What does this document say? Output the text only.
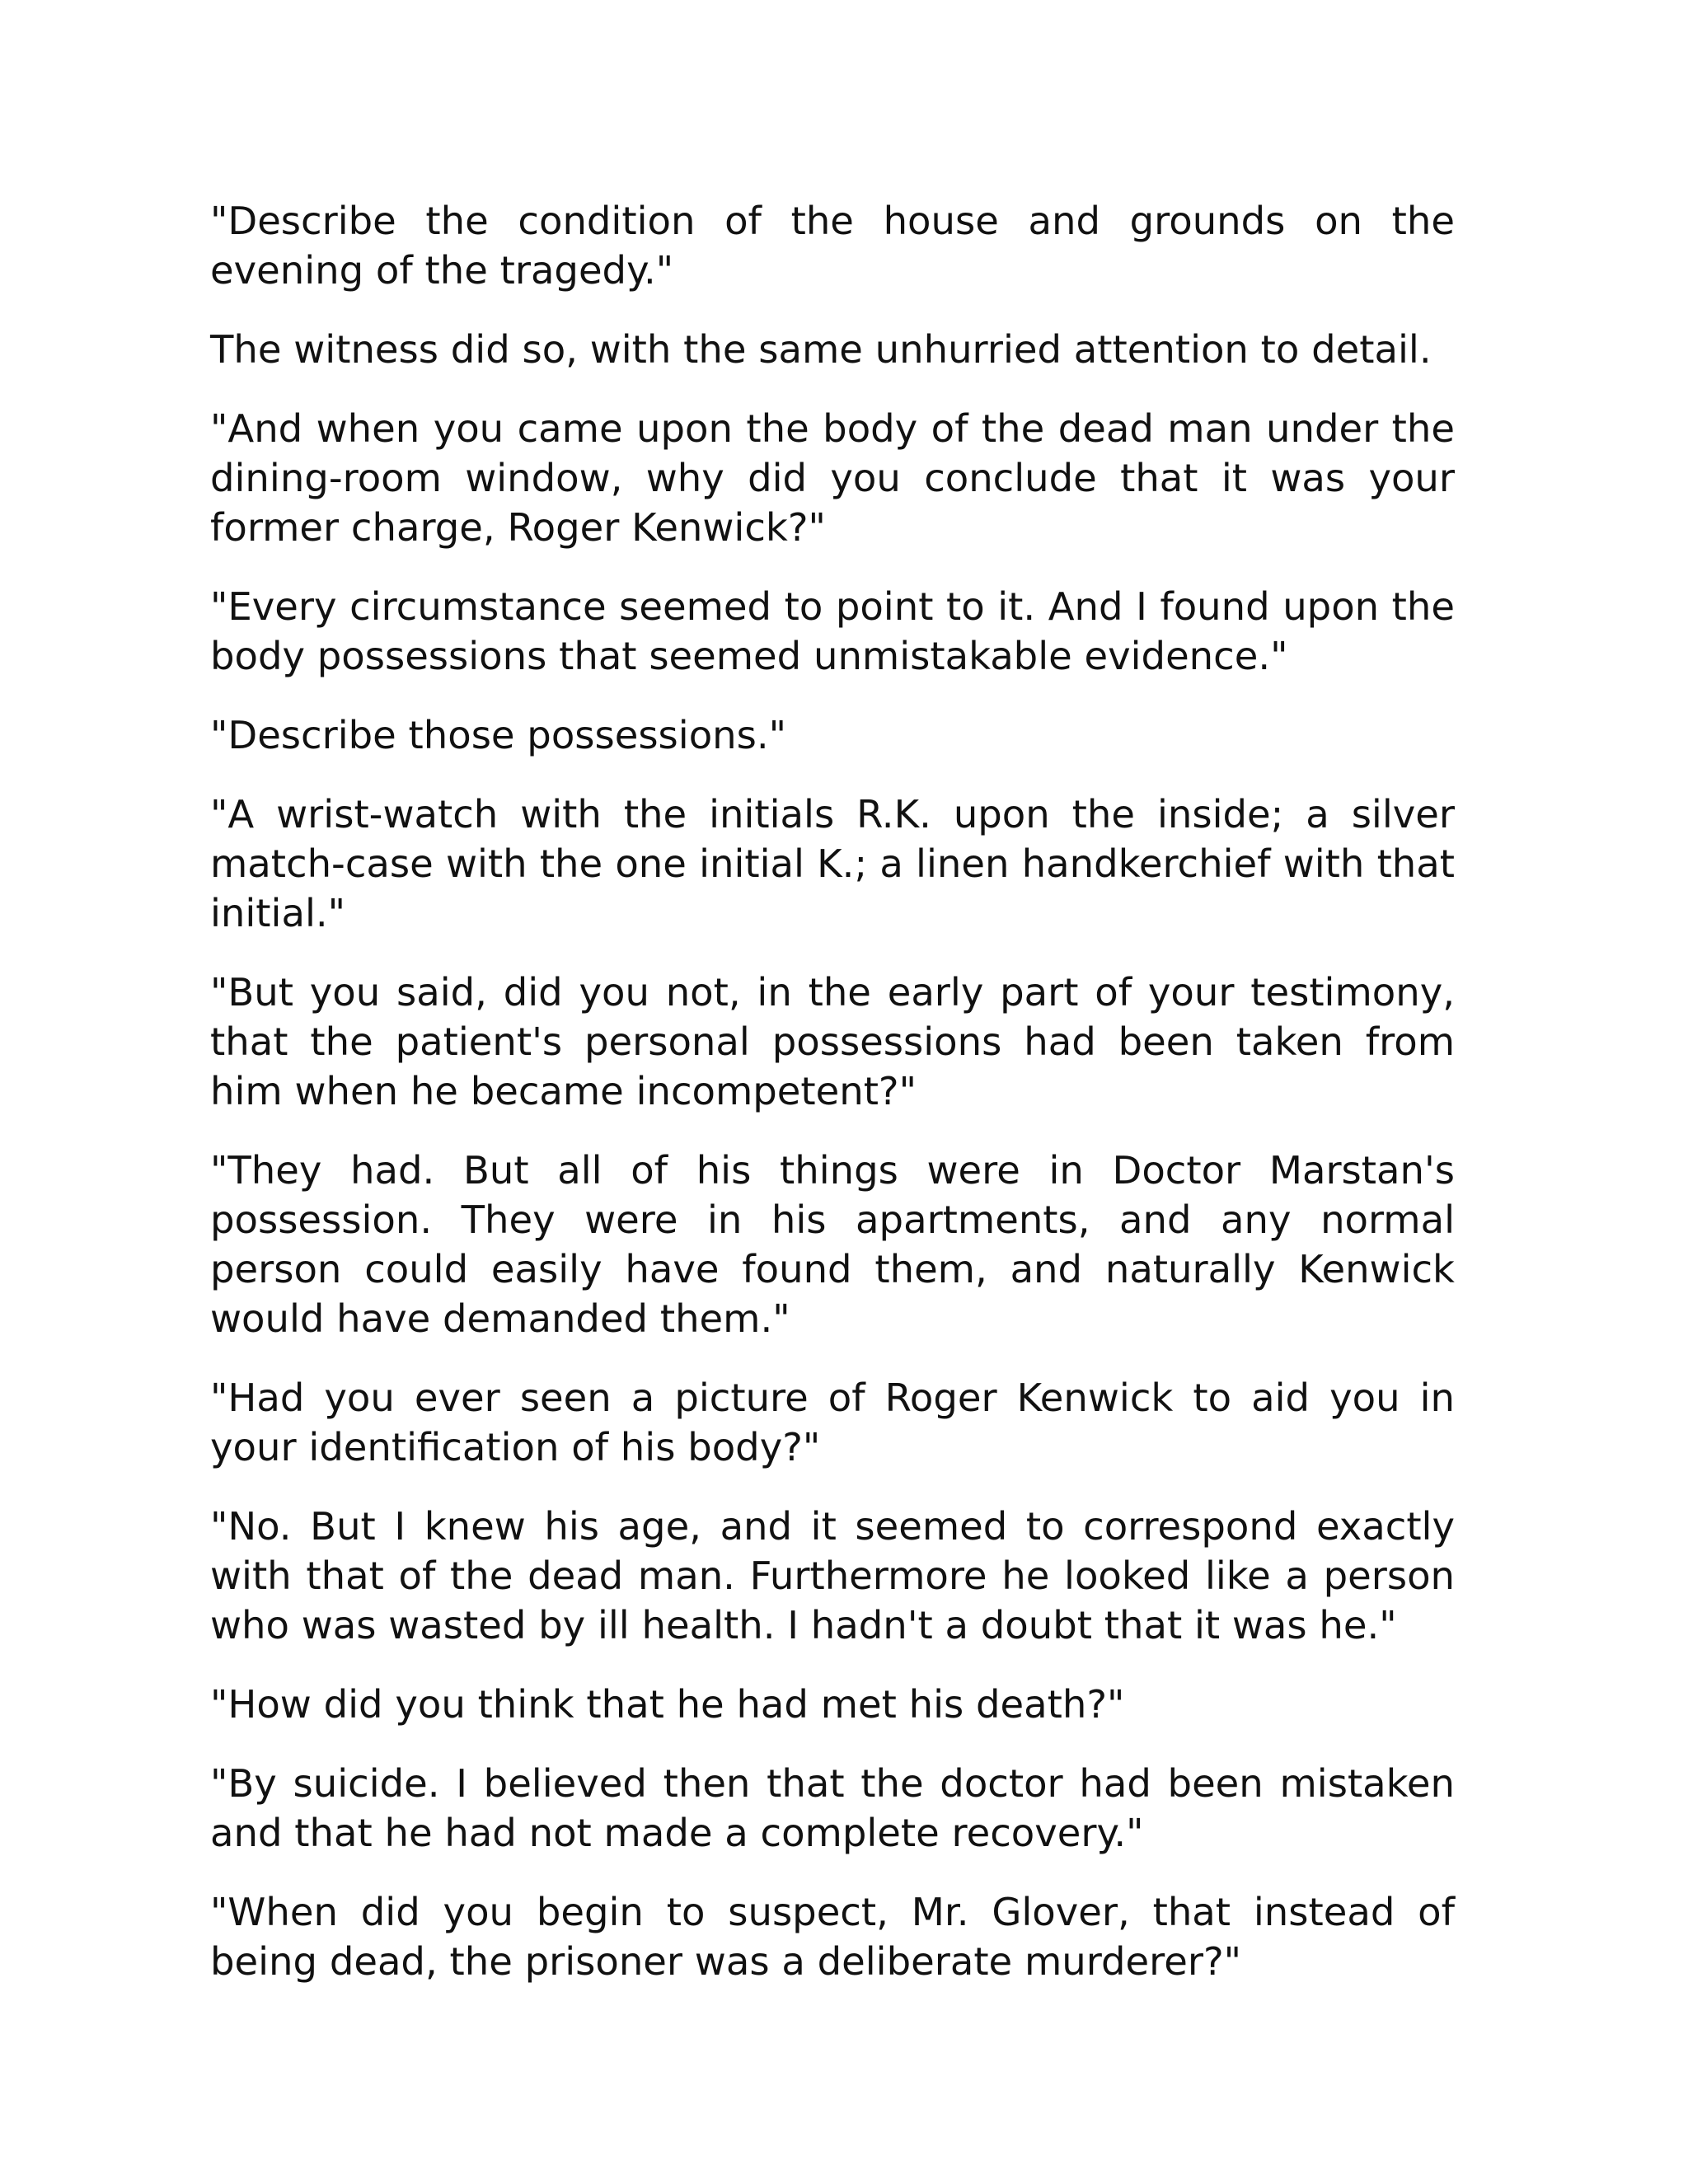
"Describe the condition of the house and grounds on the evening of the tragedy."

The witness did so, with the same unhurried attention to detail.

"And when you came upon the body of the dead man under the dining-room window, why did you conclude that it was your former charge, Roger Kenwick?"

"Every circumstance seemed to point to it. And I found upon the body possessions that seemed unmistakable evidence."

"Describe those possessions."

"A wrist-watch with the initials R.K. upon the inside; a silver match-case with the one initial K.; a linen handkerchief with that initial."

"But you said, did you not, in the early part of your testimony, that the patient's personal possessions had been taken from him when he became incompetent?"

"They had. But all of his things were in Doctor Marstan's possession. They were in his apartments, and any normal person could easily have found them, and naturally Kenwick would have demanded them."

"Had you ever seen a picture of Roger Kenwick to aid you in your identification of his body?"

"No. But I knew his age, and it seemed to correspond exactly with that of the dead man. Furthermore he looked like a person who was wasted by ill health. I hadn't a doubt that it was he."

"How did you think that he had met his death?"

"By suicide. I believed then that the doctor had been mistaken and that he had not made a complete recovery."

"When did you begin to suspect, Mr. Glover, that instead of being dead, the prisoner was a deliberate murderer?"
